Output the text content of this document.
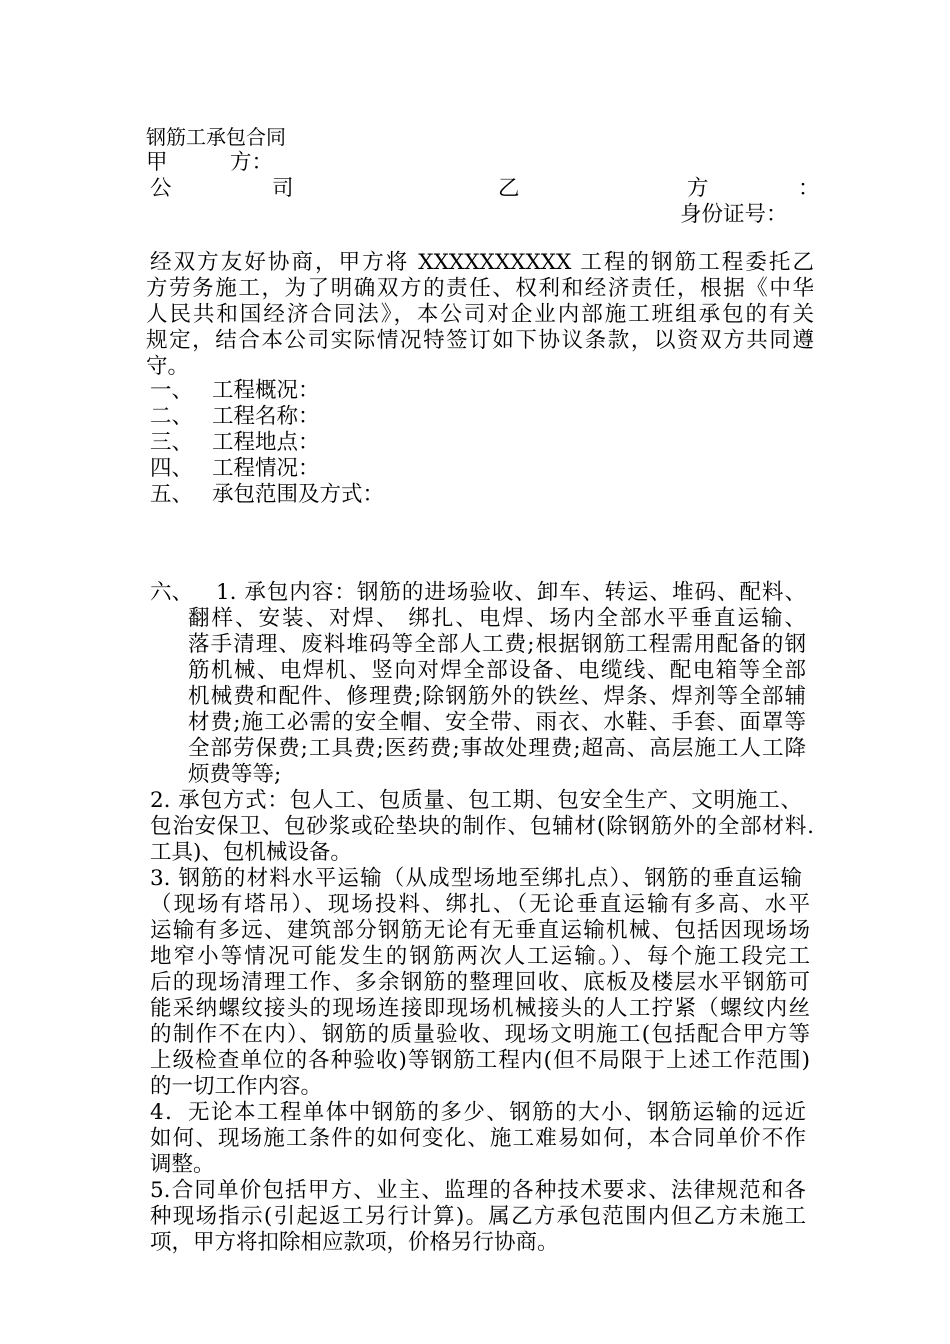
钢筋工承包合同
甲	方：
公	司	乙	方	：
身份证号：
经双方友好协商，甲方将 XXXXXXXXXX 工程的钢筋工程委托乙
方劳务施工，为了明确双方的责任、权利和经济责任，根据《中华
人民共和国经济合同法》，本公司对企业内部施工班组承包的有关
规定，结合本公司实际情况特签订如下协议条款，以资双方共同遵
守。
一、 工程概况：
二、 工程名称：
三、 工程地点：
四、 工程情况：
五、 承包范围及方式：
六、 1. 承包内容：钢筋的进场验收、卸车、转运、堆码、配料、
翻样、安装、对焊、 绑扎、电焊、场内全部水平垂直运输、
落手清理、废料堆码等全部人工费;根据钢筋工程需用配备的钢
筋机械、电焊机、竖向对焊全部设备、电缆线、配电箱等全部
机械费和配件、修理费;除钢筋外的铁丝、焊条、焊剂等全部辅
材费;施工必需的安全帽、安全带、雨衣、水鞋、手套、面罩等
全部劳保费;工具费;医药费;事故处理费;超高、高层施工人工降
烦费等等;
2. 承包方式：包人工、包质量、包工期、包安全生产、文明施工、
包治安保卫、包砂浆或砼垫块的制作、包辅材(除钢筋外的全部材料.
工具)、包机械设备。
3. 钢筋的材料水平运输（从成型场地至绑扎点）、钢筋的垂直运输
（现场有塔吊）、现场投料、绑扎、（无论垂直运输有多高、水平
运输有多远、建筑部分钢筋无论有无垂直运输机械、包括因现场场
地窄小等情况可能发生的钢筋两次人工运输。）、每个施工段完工
后的现场清理工作、多余钢筋的整理回收、底板及楼层水平钢筋可
能采纳螺纹接头的现场连接即现场机械接头的人工拧紧（螺纹内丝
的制作不在内）、钢筋的质量验收、现场文明施工(包括配合甲方等
上级检查单位的各种验收)等钢筋工程内(但不局限于上述工作范围)
的一切工作内容。
4．无论本工程单体中钢筋的多少、钢筋的大小、钢筋运输的远近
如何、现场施工条件的如何变化、施工难易如何，本合同单价不作
调整。
5.合同单价包括甲方、业主、监理的各种技术要求、法律规范和各
种现场指示(引起返工另行计算)。属乙方承包范围内但乙方未施工
项，甲方将扣除相应款项，价格另行协商。
